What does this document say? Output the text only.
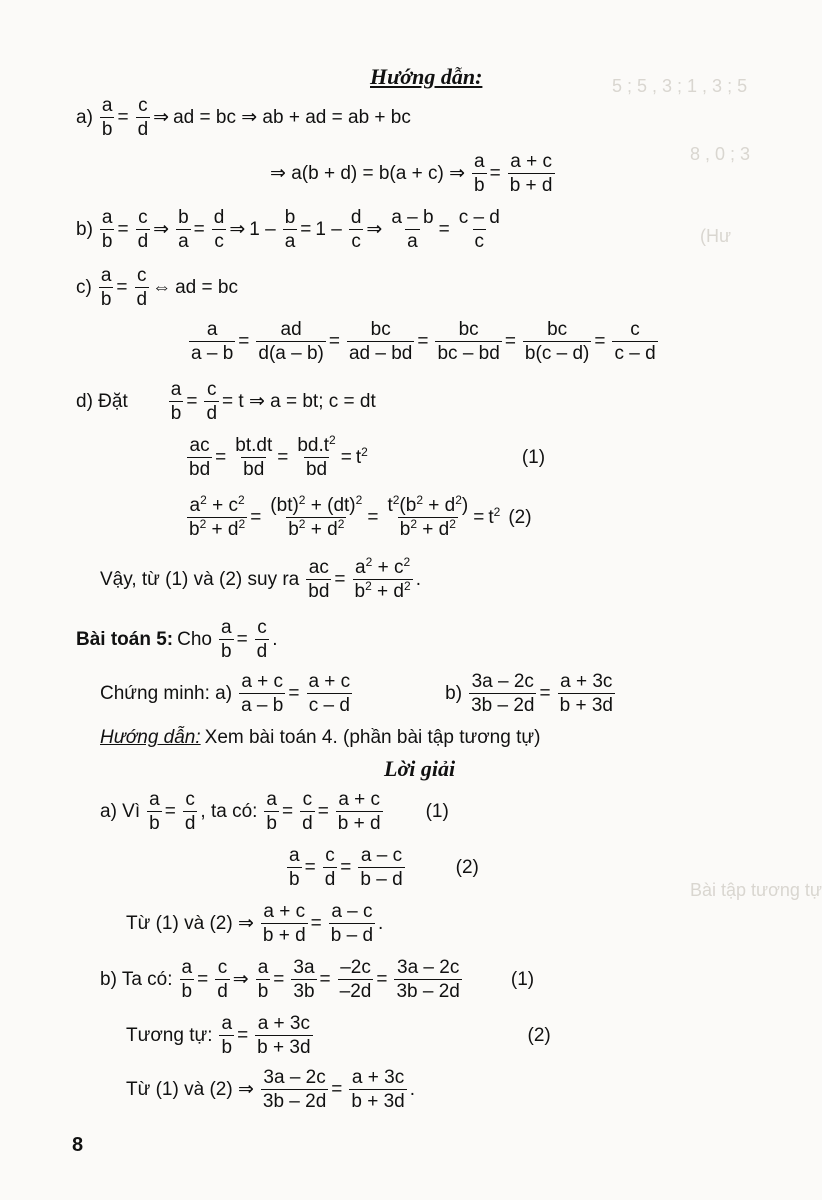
5 ; 5 , 3 ; 1 , 3 ; 5
8 , 0 ; 3
(Hư
Bài tập tương tự
Hướng dẫn:
$a) \frac{a}{b} = \frac{c}{d}$ ⇒ ad = bc ⇒ ab + ad = ab + bc
⇒ a(b + d) = b(a + c) ⇒ $\frac{a}{b} = \frac{a + c}{b + d}$
$b) \frac{a}{b} = \frac{c}{d}$ ⇒ $\frac{b}{a} = \frac{d}{c}$ ⇒ $1 - \frac{b}{a} = 1$ –
d
c
⇒ $\frac{a - b}{a} = \frac{c - d}{c}$
$c) \frac{a}{b} = \frac{c}{d}$ ⇔ ad = bc
$\frac{a}{a - b} = \frac{ad}{d(a - b)} = \frac{bc}{ad - bd} = \frac{bc}{bc - bd} = \frac{bc}{b(c - d)} = \frac{c}{c - d}$
d) Đặt $\frac{a}{b} = \frac{c}{d} = t$ ⇒ a = bt; c = dt
$\frac{ac}{bd} = \frac{bt.dt}{bd} = \frac{bd.t^2}{bd} = t^2$	(1)
$\frac{a^2 + c^2}{b^2 + d^2} = \frac{(bt)^2 + (dt)^2}{b^2 + d^2} = \frac{t^2(b^2 + d^2)}{b^2 + d^2} = t^2$ (2)
Vậy, từ (1) và (2) suy ra $\frac{ac}{bd} = \frac{a^2 + c^2}{b^2 + d^2}$ .
Bài toán 5: Cho $\frac{a}{b} = \frac{c}{d}$ .
Chứng minh: $a) \frac{a + c}{a - b} = \frac{a + c}{c - d}$	$b) \frac{3a - 2c}{3b - 2d} = \frac{a + 3c}{b + 3d}$
Hướng dẫn: Xem bài toán 4. (phần bài tập tương tự)
Lời giải
a) Vì $\frac{a}{b} = \frac{c}{d}$ , ta có: $\frac{a}{b} = \frac{c}{d} = \frac{a + c}{b + d} (1)$
$\frac{a}{b} = \frac{c}{d} = \frac{a - c}{b - d}$	(2)
Từ (1) và (2) ⇒ $\frac{a + c}{b + d} = \frac{a - c}{b - d}$ .
b) Ta có: $\frac{a}{b} = \frac{c}{d}$ ⇒ $\frac{a}{b} = \frac{3a}{3b} = \frac{-2c}{-2d} = \frac{3a - 2c}{3b - 2d}$	(1)
Tương tự: $\frac{a}{b} = \frac{a + 3c}{b + 3d}$	(2)
Từ (1) và (2) ⇒ $\frac{3a - 2c}{3b - 2d} = \frac{a + 3c}{b + 3d}$ .
8
